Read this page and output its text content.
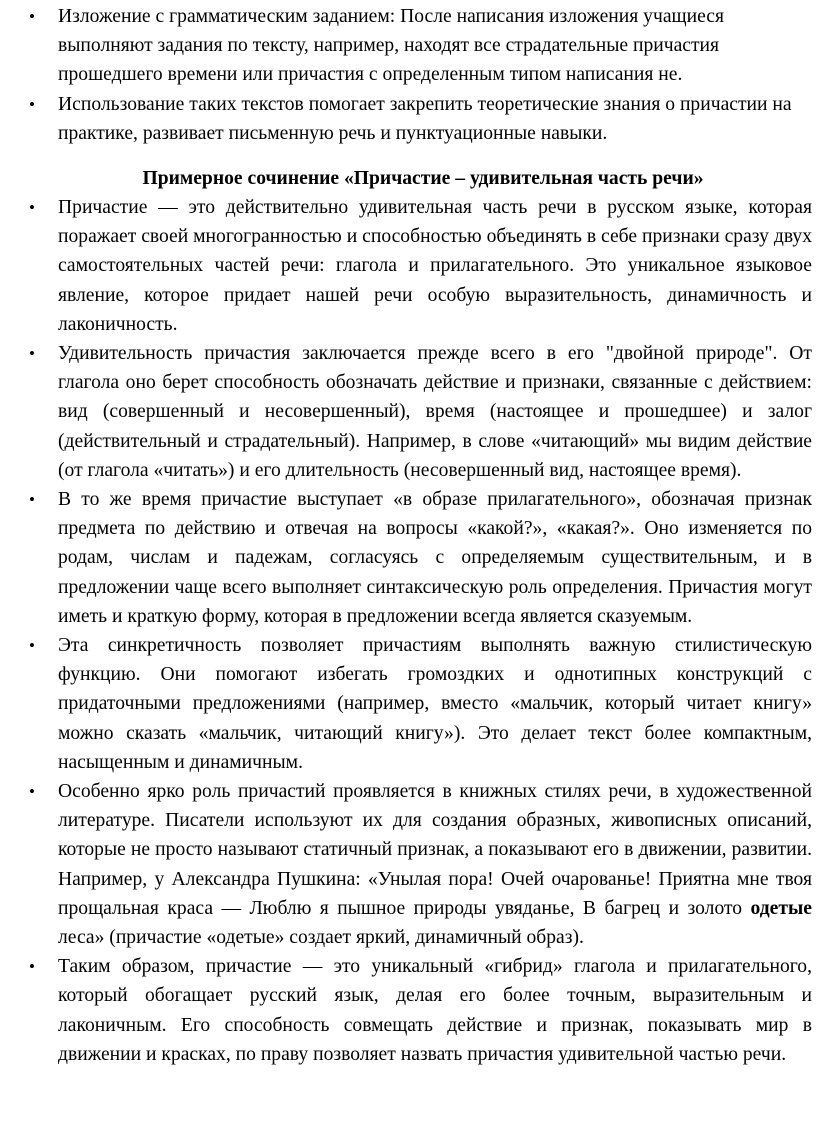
• Изложение с грамматическим заданием: После написания изложения учащиеся выполняют задания по тексту, например, находят все страдательные причастия прошедшего времени или причастия с определенным типом написания не.
• Использование таких текстов помогает закрепить теоретические знания о причастии на практике, развивает письменную речь и пунктуационные навыки.
Примерное сочинение «Причастие – удивительная часть речи»
• Причастие — это действительно удивительная часть речи в русском языке, которая поражает своей многогранностью и способностью объединять в себе признаки сразу двух самостоятельных частей речи: глагола и прилагательного. Это уникальное языковое явление, которое придает нашей речи особую выразительность, динамичность и лаконичность.
• Удивительность причастия заключается прежде всего в его "двойной природе". От глагола оно берет способность обозначать действие и признаки, связанные с действием: вид (совершенный и несовершенный), время (настоящее и прошедшее) и залог (действительный и страдательный). Например, в слове «читающий» мы видим действие (от глагола «читать») и его длительность (несовершенный вид, настоящее время).
• В то же время причастие выступает «в образе прилагательного», обозначая признак предмета по действию и отвечая на вопросы «какой?», «какая?». Оно изменяется по родам, числам и падежам, согласуясь с определяемым существительным, и в предложении чаще всего выполняет синтаксическую роль определения. Причастия могут иметь и краткую форму, которая в предложении всегда является сказуемым.
• Эта синкретичность позволяет причастиям выполнять важную стилистическую функцию. Они помогают избегать громоздких и однотипных конструкций с придаточными предложениями (например, вместо «мальчик, который читает книгу» можно сказать «мальчик, читающий книгу»). Это делает текст более компактным, насыщенным и динамичным.
• Особенно ярко роль причастий проявляется в книжных стилях речи, в художественной литературе. Писатели используют их для создания образных, живописных описаний, которые не просто называют статичный признак, а показывают его в движении, развитии. Например, у Александра Пушкина: «Унылая пора! Очей очарованье! Приятна мне твоя прощальная краса — Люблю я пышное природы увяданье, В багрец и золото одетые леса» (причастие «одетые» создает яркий, динамичный образ).
• Таким образом, причастие — это уникальный «гибрид» глагола и прилагательного, который обогащает русский язык, делая его более точным, выразительным и лаконичным. Его способность совмещать действие и признак, показывать мир в движении и красках, по праву позволяет назвать причастия удивительной частью речи.
